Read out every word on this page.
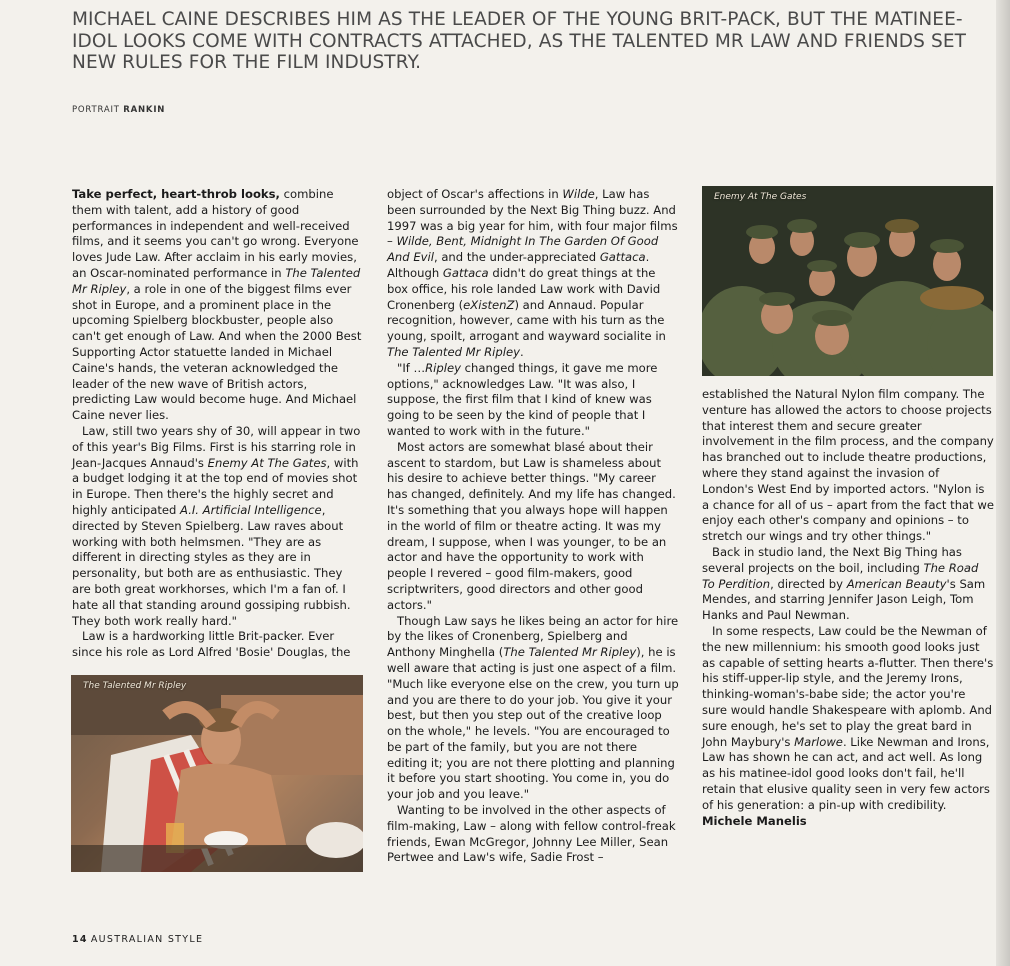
MICHAEL CAINE DESCRIBES HIM AS THE LEADER OF THE YOUNG BRIT-PACK, BUT THE MATINEE-IDOL LOOKS COME WITH CONTRACTS ATTACHED, AS THE TALENTED MR LAW AND FRIENDS SET NEW RULES FOR THE FILM INDUSTRY.
PORTRAIT RANKIN

Take perfect, heart-throb looks, combine them with talent, add a history of good performances in independent and well-received films, and it seems you can't go wrong. Everyone loves Jude Law. After acclaim in his early movies, an Oscar-nominated performance in The Talented Mr Ripley, a role in one of the biggest films ever shot in Europe, and a prominent place in the upcoming Spielberg blockbuster, people also can't get enough of Law. And when the 2000 Best Supporting Actor statuette landed in Michael Caine's hands, the veteran acknowledged the leader of the new wave of British actors, predicting Law would become huge. And Michael Caine never lies.

Law, still two years shy of 30, will appear in two of this year's Big Films. First is his starring role in Jean-Jacques Annaud's Enemy At The Gates, with a budget lodging it at the top end of movies shot in Europe. Then there's the highly secret and highly anticipated A.I. Artificial Intelligence, directed by Steven Spielberg. Law raves about working with both helmsmen. "They are as different in directing styles as they are in personality, but both are as enthusiastic. They are both great workhorses, which I'm a fan of. I hate all that standing around gossiping rubbish. They both work really hard."

Law is a hardworking little Brit-packer. Ever since his role as Lord Alfred 'Bosie' Douglas, the

The Talented Mr Ripley

object of Oscar's affections in Wilde, Law has been surrounded by the Next Big Thing buzz. And 1997 was a big year for him, with four major films – Wilde, Bent, Midnight In The Garden Of Good And Evil, and the under-appreciated Gattaca. Although Gattaca didn't do great things at the box office, his role landed Law work with David Cronenberg (eXistenZ) and Annaud. Popular recognition, however, came with his turn as the young, spoilt, arrogant and wayward socialite in The Talented Mr Ripley.

"If …Ripley changed things, it gave me more options," acknowledges Law. "It was also, I suppose, the first film that I kind of knew was going to be seen by the kind of people that I wanted to work with in the future."

Most actors are somewhat blasé about their ascent to stardom, but Law is shameless about his desire to achieve better things. "My career has changed, definitely. And my life has changed. It's something that you always hope will happen in the world of film or theatre acting. It was my dream, I suppose, when I was younger, to be an actor and have the opportunity to work with people I revered – good film-makers, good scriptwriters, good directors and other good actors."

Though Law says he likes being an actor for hire by the likes of Cronenberg, Spielberg and Anthony Minghella (The Talented Mr Ripley), he is well aware that acting is just one aspect of a film. "Much like everyone else on the crew, you turn up and you are there to do your job. You give it your best, but then you step out of the creative loop on the whole," he levels. "You are encouraged to be part of the family, but you are not there editing it; you are not there plotting and planning it before you start shooting. You come in, you do your job and you leave."

Wanting to be involved in the other aspects of film-making, Law – along with fellow control-freak friends, Ewan McGregor, Johnny Lee Miller, Sean Pertwee and Law's wife, Sadie Frost –

Enemy At The Gates

established the Natural Nylon film company. The venture has allowed the actors to choose projects that interest them and secure greater involvement in the film process, and the company has branched out to include theatre productions, where they stand against the invasion of London's West End by imported actors. "Nylon is a chance for all of us – apart from the fact that we enjoy each other's company and opinions – to stretch our wings and try other things."

Back in studio land, the Next Big Thing has several projects on the boil, including The Road To Perdition, directed by American Beauty's Sam Mendes, and starring Jennifer Jason Leigh, Tom Hanks and Paul Newman.

In some respects, Law could be the Newman of the new millennium: his smooth good looks just as capable of setting hearts a-flutter. Then there's his stiff-upper-lip style, and the Jeremy Irons, thinking-woman's-babe side; the actor you're sure would handle Shakespeare with aplomb. And sure enough, he's set to play the great bard in John Maybury's Marlowe. Like Newman and Irons, Law has shown he can act, and act well. As long as his matinee-idol good looks don't fail, he'll retain that elusive quality seen in very few actors of his generation: a pin-up with credibility.

Michele Manelis

14 AUSTRALIAN STYLE
